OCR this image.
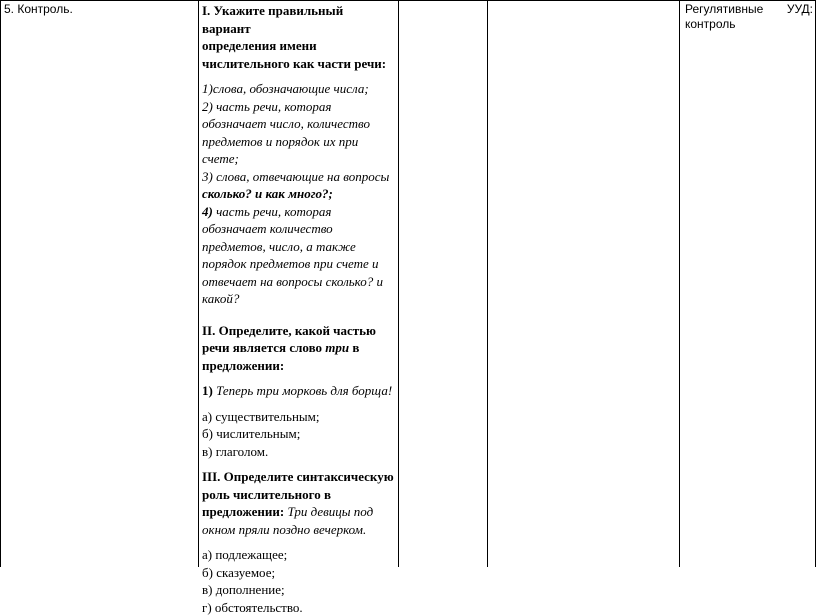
5. Контроль.	I. Укажите правильный вариант

определения имени

числительного как части речи:

1)слова, обозначающие числа;

2) часть речи, которая

обозначает число, количество

предметов и порядок их при счете;

3) слова, отвечающие на вопросы

сколько? и как много?;

4) часть речи, которая

обозначает количество

предметов, число, а также

порядок предметов при счете и

отвечает на вопросы сколько? и

какой?

II. Определите, какой частью

речи является слово три в

предложении:

1) Теперь три морковь для борща!

а) существительным;

б) числительным;

в) глаголом.

III. Определите синтаксическую

роль числительного в

предложении: Три девицы под

окном пряли поздно вечерком.

а) подлежащее;

б) сказуемое;

в) дополнение;

г) обстоятельство.

Регулятивные УУД:
контроль
